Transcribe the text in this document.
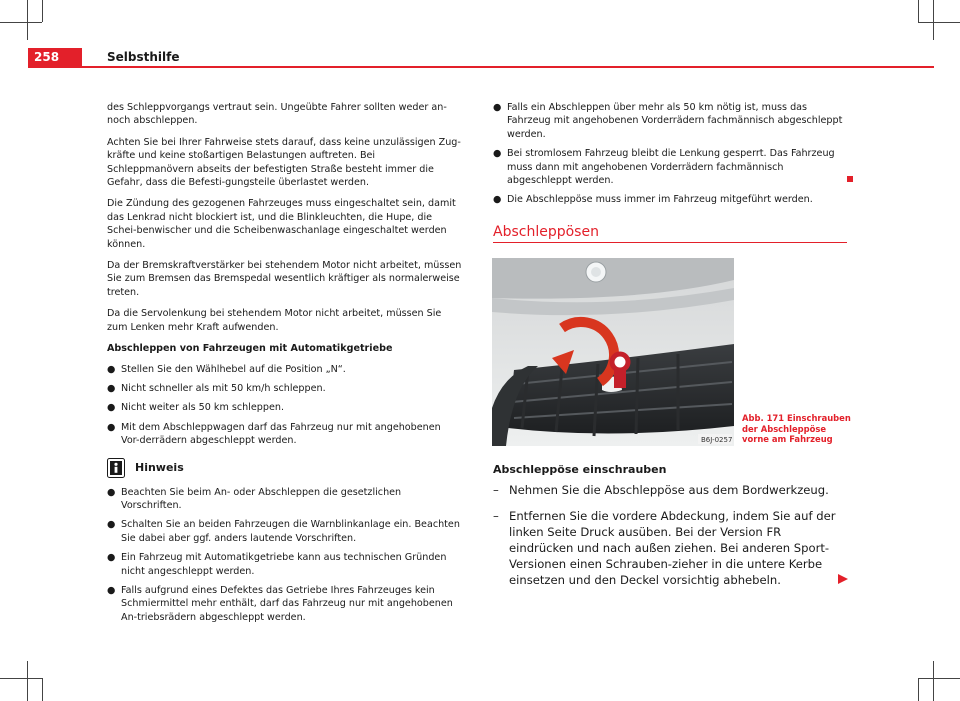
258	Selbsthilfe

des Schleppvorgangs vertraut sein. Ungeübte Fahrer sollten weder an- noch abschleppen.

Achten Sie bei Ihrer Fahrweise stets darauf, dass keine unzulässigen Zug-kräfte und keine stoßartigen Belastungen auftreten. Bei Schleppmanövern abseits der befestigten Straße besteht immer die Gefahr, dass die Befesti-gungsteile überlastet werden.

Die Zündung des gezogenen Fahrzeuges muss eingeschaltet sein, damit das Lenkrad nicht blockiert ist, und die Blinkleuchten, die Hupe, die Schei-benwischer und die Scheibenwaschanlage eingeschaltet werden können.

Da der Bremskraftverstärker bei stehendem Motor nicht arbeitet, müssen Sie zum Bremsen das Bremspedal wesentlich kräftiger als normalerweise treten.

Da die Servolenkung bei stehendem Motor nicht arbeitet, müssen Sie zum Lenken mehr Kraft aufwenden.

Abschleppen von Fahrzeugen mit Automatikgetriebe

● Stellen Sie den Wählhebel auf die Position „N“.
● Nicht schneller als mit 50 km/h schleppen.
● Nicht weiter als 50 km schleppen.
● Mit dem Abschleppwagen darf das Fahrzeug nur mit angehobenen Vor-derrädern abgeschleppt werden.
Hinweis
● Beachten Sie beim An- oder Abschleppen die gesetzlichen Vorschriften.
● Schalten Sie an beiden Fahrzeugen die Warnblinkanlage ein. Beachten Sie dabei aber ggf. anders lautende Vorschriften.
● Ein Fahrzeug mit Automatikgetriebe kann aus technischen Gründen nicht angeschleppt werden.
● Falls aufgrund eines Defektes das Getriebe Ihres Fahrzeuges kein Schmiermittel mehr enthält, darf das Fahrzeug nur mit angehobenen An-triebsrädern abgeschleppt werden.
● Falls ein Abschleppen über mehr als 50 km nötig ist, muss das Fahrzeug mit angehobenen Vorderrädern fachmännisch abgeschleppt werden.
● Bei stromlosem Fahrzeug bleibt die Lenkung gesperrt. Das Fahrzeug muss dann mit angehobenen Vorderrädern fachmännisch abgeschleppt werden.
● Die Abschleppöse muss immer im Fahrzeug mitgeführt werden.
Abschleppösen
B6J-0257
Abb. 171 Einschrauben der Abschleppöse vorne am Fahrzeug
Abschleppöse einschrauben
– Nehmen Sie die Abschleppöse aus dem Bordwerkzeug.
– Entfernen Sie die vordere Abdeckung, indem Sie auf der linken Seite Druck ausüben. Bei der Version FR eindrücken und nach außen ziehen. Bei anderen Sport-Versionen einen Schrauben-zieher in die untere Kerbe einsetzen und den Deckel vorsichtig abhebeln.
